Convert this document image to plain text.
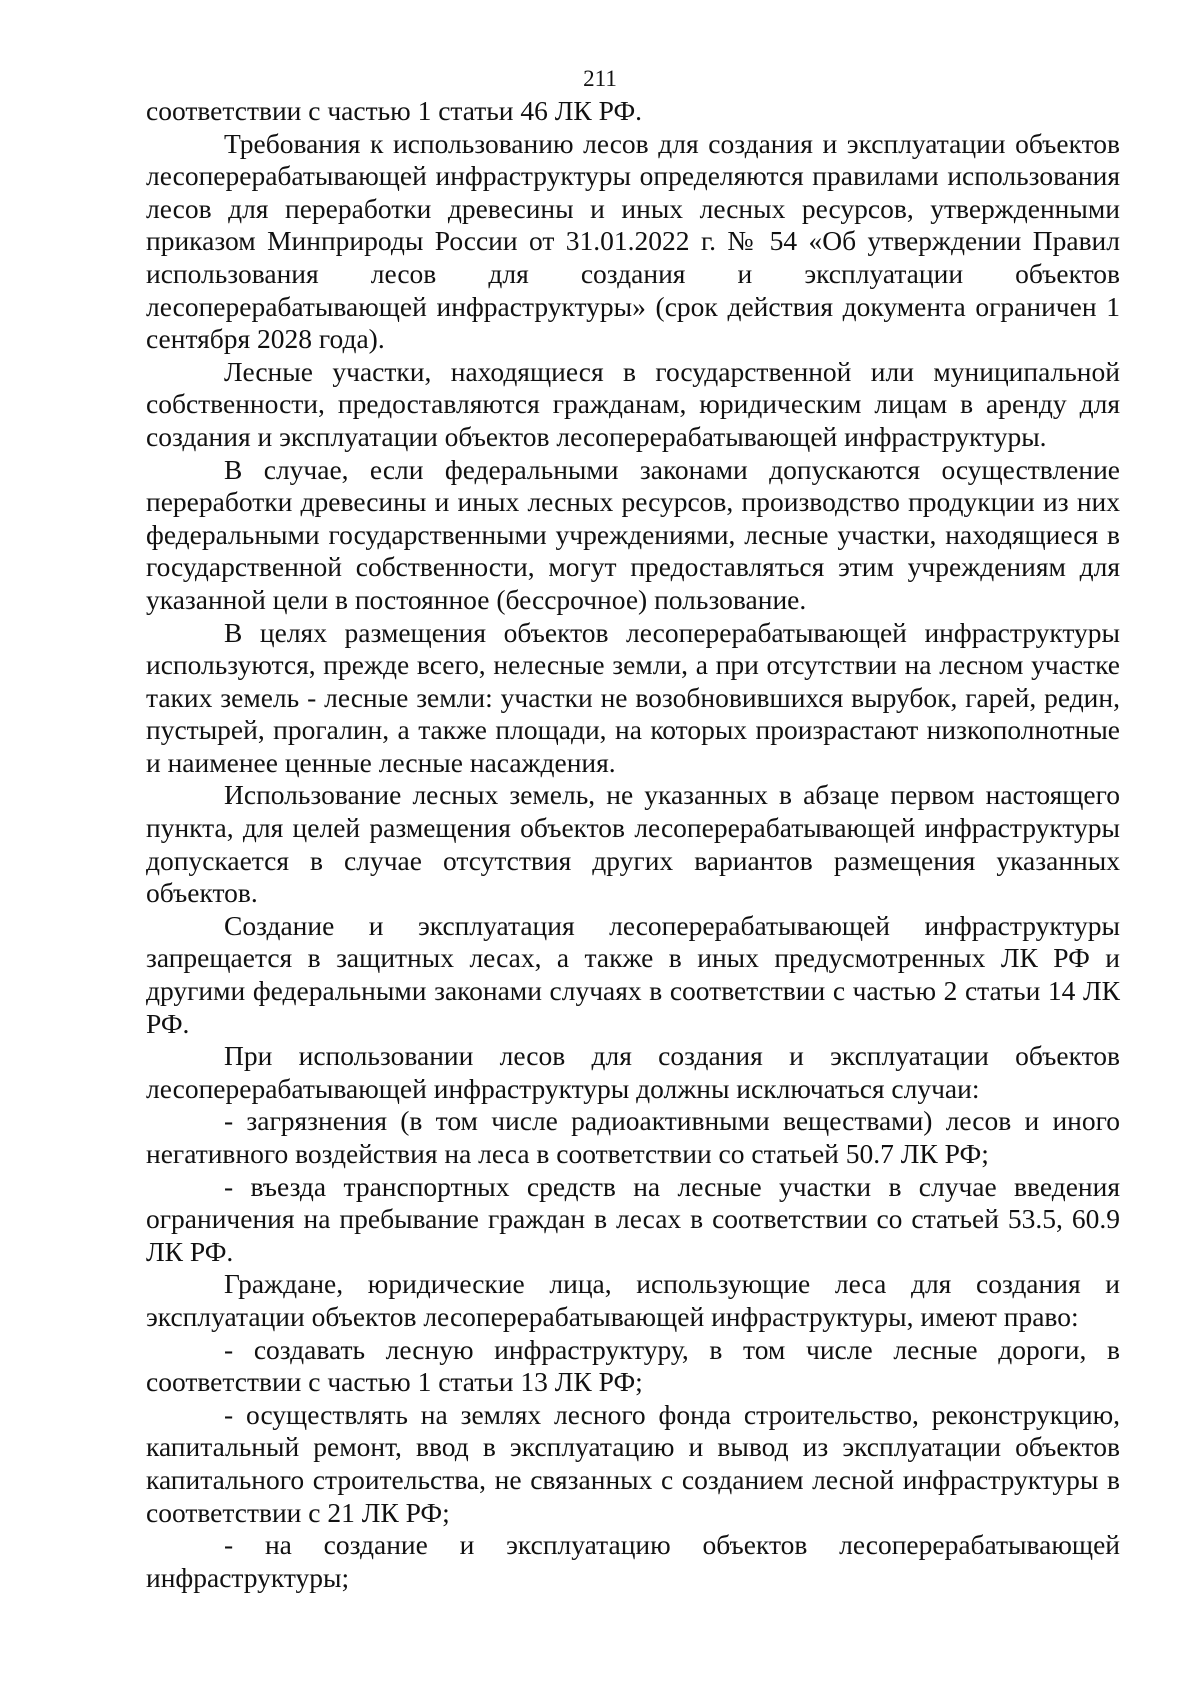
211

соответствии с частью 1 статьи 46 ЛК РФ.

Требования к использованию лесов для создания и эксплуатации объектов лесоперерабатывающей инфраструктуры определяются правилами использования лесов для переработки древесины и иных лесных ресурсов, утвержденными приказом Минприроды России от 31.01.2022 г. № 54 «Об утверждении Правил использования лесов для создания и эксплуатации объектов лесоперерабатывающей инфраструктуры» (срок действия документа ограничен 1 сентября 2028 года).

Лесные участки, находящиеся в государственной или муниципальной собственности, предоставляются гражданам, юридическим лицам в аренду для создания и эксплуатации объектов лесоперерабатывающей инфраструктуры.

В случае, если федеральными законами допускаются осуществление переработки древесины и иных лесных ресурсов, производство продукции из них федеральными государственными учреждениями, лесные участки, находящиеся в государственной собственности, могут предоставляться этим учреждениям для указанной цели в постоянное (бессрочное) пользование.

В целях размещения объектов лесоперерабатывающей инфраструктуры используются, прежде всего, нелесные земли, а при отсутствии на лесном участке таких земель - лесные земли: участки не возобновившихся вырубок, гарей, редин, пустырей, прогалин, а также площади, на которых произрастают низкополнотные и наименее ценные лесные насаждения.

Использование лесных земель, не указанных в абзаце первом настоящего пункта, для целей размещения объектов лесоперерабатывающей инфраструктуры допускается в случае отсутствия других вариантов размещения указанных объектов.

Создание и эксплуатация лесоперерабатывающей инфраструктуры запрещается в защитных лесах, а также в иных предусмотренных ЛК РФ и другими федеральными законами случаях в соответствии с частью 2 статьи 14 ЛК РФ.

При использовании лесов для создания и эксплуатации объектов лесоперерабатывающей инфраструктуры должны исключаться случаи:

- загрязнения (в том числе радиоактивными веществами) лесов и иного негативного воздействия на леса в соответствии со статьей 50.7 ЛК РФ;

- въезда транспортных средств на лесные участки в случае введения ограничения на пребывание граждан в лесах в соответствии со статьей 53.5, 60.9 ЛК РФ.

Граждане, юридические лица, использующие леса для создания и эксплуатации объектов лесоперерабатывающей инфраструктуры, имеют право:

- создавать лесную инфраструктуру, в том числе лесные дороги, в соответствии с частью 1 статьи 13 ЛК РФ;

- осуществлять на землях лесного фонда строительство, реконструкцию, капитальный ремонт, ввод в эксплуатацию и вывод из эксплуатации объектов капитального строительства, не связанных с созданием лесной инфраструктуры в соответствии с 21 ЛК РФ;

- на создание и эксплуатацию объектов лесоперерабатывающей инфраструктуры;
